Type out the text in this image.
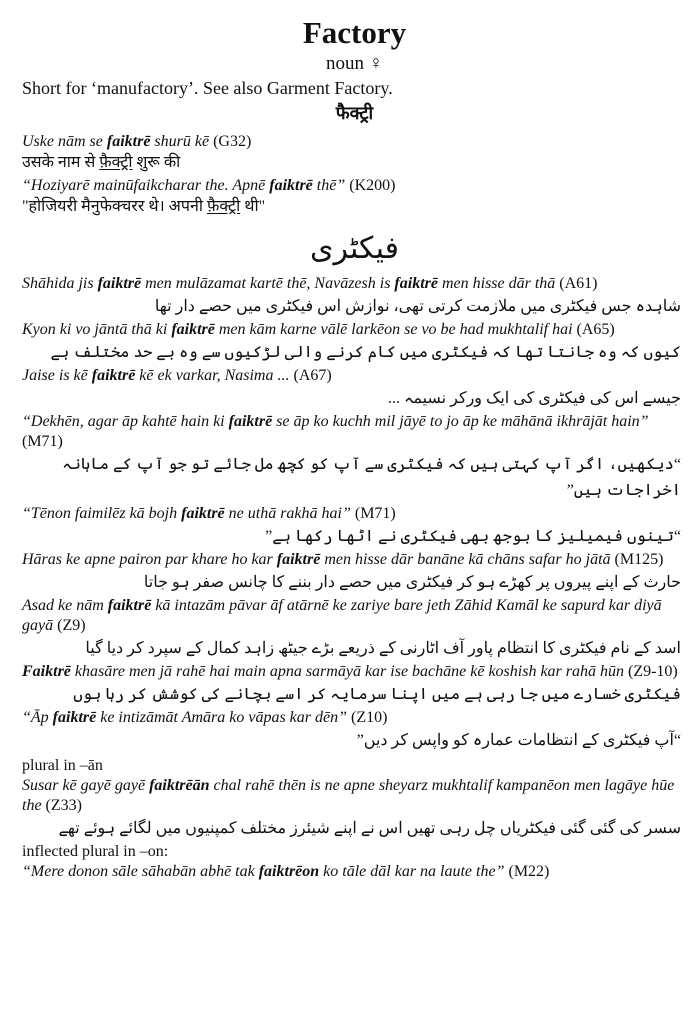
Factory
noun ♀
Short for ‘manufactory’. See also Garment Factory.
फैक्ट्री

Uske nām se faiktrē shurū kē (G32)

उसके नाम से फ़ैक्ट्री शुरू की

“Hoziyarē mainūfaikcharar the. Apnē faiktrē thē” (K200)

"होजियरी मैनुफेक्चरर थे। अपनी फ़ैक्ट्री थी"

فیکٹری

Shāhida jis faiktrē men mulāzamat kartē thē, Navāzesh is faiktrē men hisse dār thā (A61)

شاہدہ جس فیکٹری میں ملازمت کرتی تھی، نوازش اس فیکٹری میں حصے دار تھا

Kyon ki vo jāntā thā ki faiktrē men kām karne vālē larkēon se vo be had mukhtalif hai (A65)

کیوں کہ وہ جانتا تھا کہ فیکٹری میں کام کرنے والی لڑکیوں سے وہ بے حد مختلف ہے

Jaise is kē faiktrē kē ek varkar, Nasima ... (A67)

جیسے اس کی فیکٹری کی ایک ورکر نسیمہ ...

“Dekhēn, agar āp kahtē hain ki faiktrē se āp ko kuchh mil jāyē to jo āp ke māhānā ikhrājāt hain” (M71)

“دیکھیں، اگر آپ کہتی ہیں کہ فیکٹری سے آپ کو کچھ مل جائے تو جو آپ کے ماہانہ اخراجات ہیں”

“Tēnon faimilēz kā bojh faiktrē ne uthā rakhā hai” (M71)

“تینوں فیمیلیز کا بوجھ بھی فیکٹری نے اٹھا رکھا ہے”

Hāras ke apne pairon par khare ho kar faiktrē men hisse dār banāne kā chāns safar ho jātā (M125)

حارث کے اپنے پیروں پر کھڑے ہو کر فیکٹری میں حصے دار بننے کا چانس صفر ہو جاتا

Asad ke nām faiktrē kā intazām pāvar āf atārnē ke zariye bare jeth Zāhid Kamāl ke sapurd kar diyā gayā (Z9)

اسد کے نام فیکٹری کا انتظام پاور آف اٹارنی کے ذریعے بڑے جیٹھ زاہد کمال کے سپرد کر دیا گیا

Faiktrē khasāre men jā rahē hai main apna sarmāyā kar ise bachāne kē koshish kar rahā hūn (Z9-10)

فیکٹری خسارے میں جا رہی ہے میں اپنا سرمایہ کر اسے بچانے کی کوشش کر رہا ہوں

“Āp faiktrē ke intizāmāt Amāra ko vāpas kar dēn” (Z10)

“آپ فیکٹری کے انتظامات عمارہ کو واپس کر دیں”

plural in –ān

Susar kē gayē gayē faiktrēān chal rahē thēn is ne apne sheyarz mukhtalif kampanēon men lagāye hūe the (Z33)

سسر کی گئی گئی فیکٹریاں چل رہی تھیں اس نے اپنے شیئرز مختلف کمپنیوں میں لگائے ہوئے تھے

inflected plural in –on:

“Mere donon sāle sāhabān abhē tak faiktrēon ko tāle dāl kar na laute the” (M22)
